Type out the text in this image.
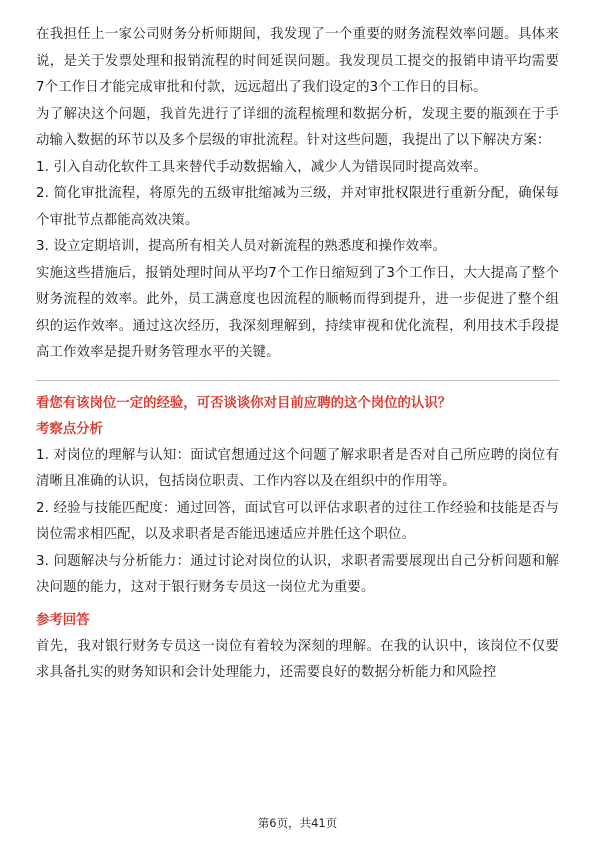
在我担任上一家公司财务分析师期间，我发现了一个重要的财务流程效率问题。具体来说，是关于发票处理和报销流程的时间延误问题。我发现员工提交的报销申请平均需要7个工作日才能完成审批和付款，远远超出了我们设定的3个工作日的目标。

为了解决这个问题，我首先进行了详细的流程梳理和数据分析，发现主要的瓶颈在于手动输入数据的环节以及多个层级的审批流程。针对这些问题，我提出了以下解决方案：

1. 引入自动化软件工具来替代手动数据输入，减少人为错误同时提高效率。

2. 简化审批流程，将原先的五级审批缩减为三级，并对审批权限进行重新分配，确保每个审批节点都能高效决策。

3. 设立定期培训，提高所有相关人员对新流程的熟悉度和操作效率。

实施这些措施后，报销处理时间从平均7个工作日缩短到了3个工作日，大大提高了整个财务流程的效率。此外，员工满意度也因流程的顺畅而得到提升，进一步促进了整个组织的运作效率。通过这次经历，我深刻理解到，持续审视和优化流程，利用技术手段提高工作效率是提升财务管理水平的关键。

看您有该岗位一定的经验，可否谈谈你对目前应聘的这个岗位的认识？

考察点分析

1. 对岗位的理解与认知：面试官想通过这个问题了解求职者是否对自己所应聘的岗位有清晰且准确的认识，包括岗位职责、工作内容以及在组织中的作用等。

2. 经验与技能匹配度：通过回答，面试官可以评估求职者的过往工作经验和技能是否与岗位需求相匹配，以及求职者是否能迅速适应并胜任这个职位。

3. 问题解决与分析能力：通过讨论对岗位的认识，求职者需要展现出自己分析问题和解决问题的能力，这对于银行财务专员这一岗位尤为重要。

参考回答

首先，我对银行财务专员这一岗位有着较为深刻的理解。在我的认识中，该岗位不仅要求具备扎实的财务知识和会计处理能力，还需要良好的数据分析能力和风险控

第6页，共41页
